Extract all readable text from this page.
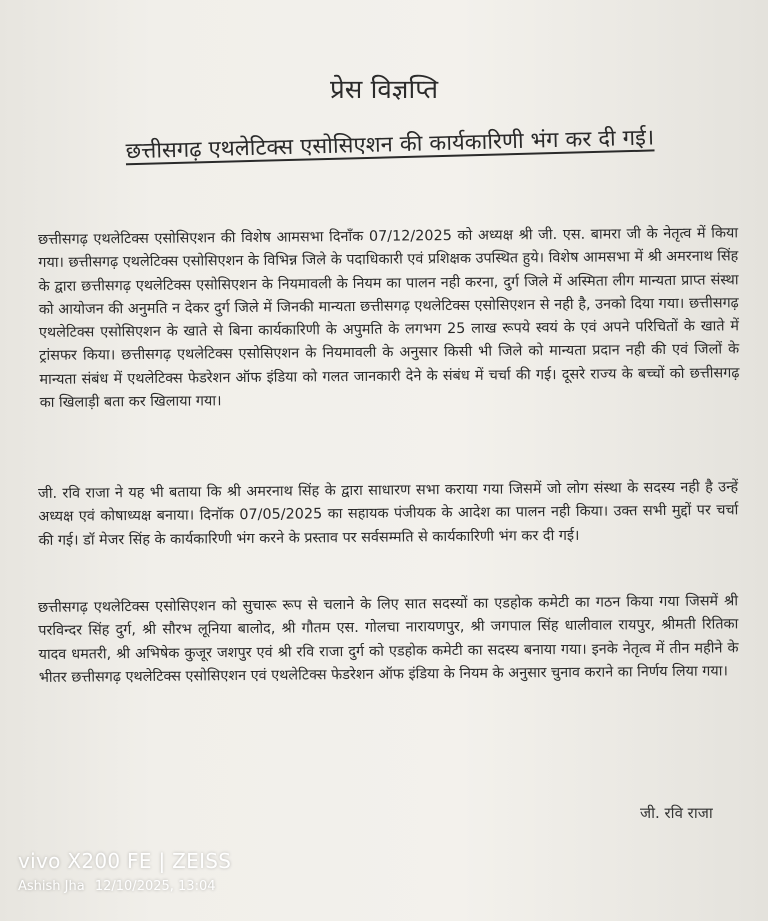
प्रेस विज्ञप्ति
छत्तीसगढ़ एथलेटिक्स एसोसिएशन की कार्यकारिणी भंग कर दी गई।
छत्तीसगढ़ एथलेटिक्स एसोसिएशन की विशेष आमसभा दिनाँक 07/12/2025 को अध्यक्ष श्री जी. एस. बामरा जी के नेतृत्व में किया गया। छत्तीसगढ़ एथलेटिक्स एसोसिएशन के विभिन्न जिले के पदाधिकारी एवं प्रशिक्षक उपस्थित हुये। विशेष आमसभा में श्री अमरनाथ सिंह के द्वारा छत्तीसगढ़ एथलेटिक्स एसोसिएशन के नियमावली के नियम का पालन नही करना, दुर्ग जिले में अस्मिता लीग मान्यता प्राप्त संस्था को आयोजन की अनुमति न देकर दुर्ग जिले में जिनकी मान्यता छत्तीसगढ़ एथलेटिक्स एसोसिएशन से नही है, उनको दिया गया। छत्तीसगढ़ एथलेटिक्स एसोसिएशन के खाते से बिना कार्यकारिणी के अपुमति के लगभग 25 लाख रूपये स्वयं के एवं अपने परिचितों के खाते में ट्रांसफर किया। छत्तीसगढ़ एथलेटिक्स एसोसिएशन के नियमावली के अनुसार किसी भी जिले को मान्यता प्रदान नही की एवं जिलों के मान्यता संबंध में एथलेटिक्स फेडरेशन ऑफ इंडिया को गलत जानकारी देने के संबंध में चर्चा की गई। दूसरे राज्य के बच्चों को छत्तीसगढ़ का खिलाड़ी बता कर खिलाया गया।
जी. रवि राजा ने यह भी बताया कि श्री अमरनाथ सिंह के द्वारा साधारण सभा कराया गया जिसमें जो लोग संस्था के सदस्य नही है उन्हें अध्यक्ष एवं कोषाध्यक्ष बनाया। दिनॉक 07/05/2025 का सहायक पंजीयक के आदेश का पालन नही किया। उक्त सभी मुद्दों पर चर्चा की गई। डॉ मेजर सिंह के कार्यकारिणी भंग करने के प्रस्ताव पर सर्वसम्मति से कार्यकारिणी भंग कर दी गई।
छत्तीसगढ़ एथलेटिक्स एसोसिएशन को सुचारू रूप से चलाने के लिए सात सदस्यों का एडहोक कमेटी का गठन किया गया जिसमें श्री परविन्दर सिंह दुर्ग, श्री सौरभ लूनिया बालोद, श्री गौतम एस. गोलचा नारायणपुर, श्री जगपाल सिंह धालीवाल रायपुर, श्रीमती रितिका यादव धमतरी, श्री अभिषेक कुजूर जशपुर एवं श्री रवि राजा दुर्ग को एडहोक कमेटी का सदस्य बनाया गया। इनके नेतृत्व में तीन महीने के भीतर छत्तीसगढ़ एथलेटिक्स एसोसिएशन एवं एथलेटिक्स फेडरेशन ऑफ इंडिया के नियम के अनुसार चुनाव कराने का निर्णय लिया गया।
जी. रवि राजा
vivo X200 FE | ZEISS
Ashish Jha 12/10/2025, 13:04
